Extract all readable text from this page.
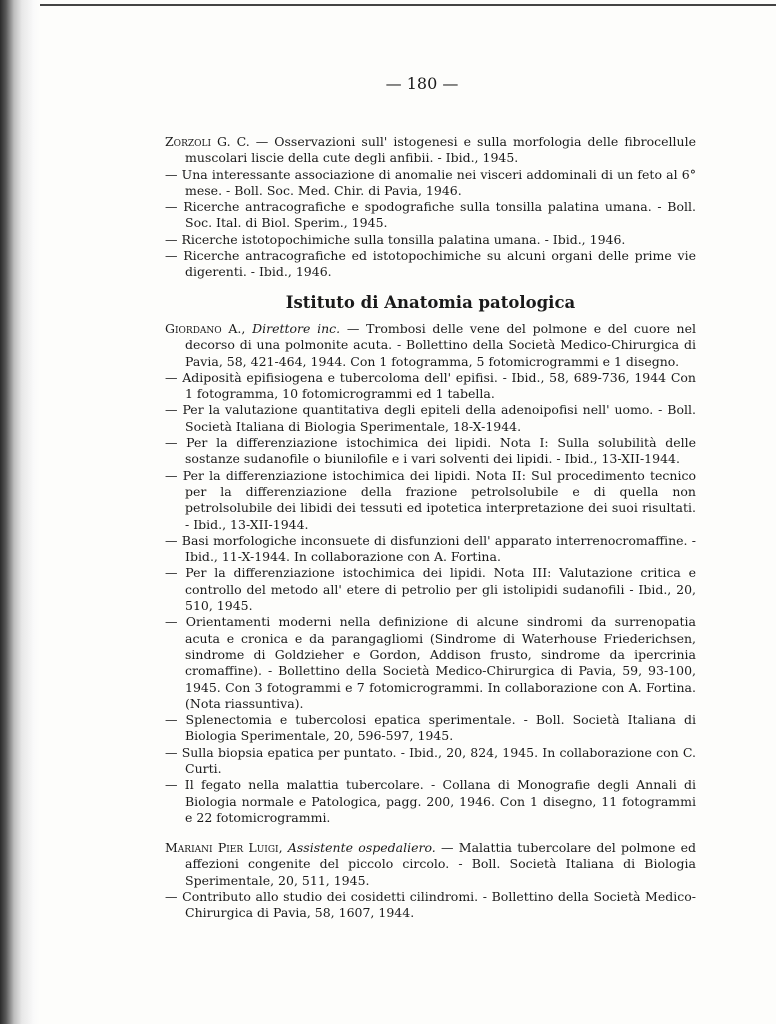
— 180 —

Zorzoli G. C. — Osservazioni sull' istogenesi e sulla morfologia delle fibrocellule muscolari liscie della cute degli anfibii. - Ibid., 1945.

— Una interessante associazione di anomalie nei visceri addominali di un feto al 6° mese. - Boll. Soc. Med. Chir. di Pavia, 1946.

— Ricerche antracografiche e spodografiche sulla tonsilla palatina umana. - Boll. Soc. Ital. di Biol. Sperim., 1945.

— Ricerche istotopochimiche sulla tonsilla palatina umana. - Ibid., 1946.

— Ricerche antracografiche ed istotopochimiche su alcuni organi delle prime vie digerenti. - Ibid., 1946.

Istituto di Anatomia patologica

Giordano A., Direttore inc. — Trombosi delle vene del polmone e del cuore nel decorso di una polmonite acuta. - Bollettino della Società Medico-Chirurgica di Pavia, 58, 421-464, 1944. Con 1 fotogramma, 5 fotomicrogrammi e 1 disegno.

— Adiposità epifisiogena e tubercoloma dell' epifisi. - Ibid., 58, 689-736, 1944 Con 1 fotogramma, 10 fotomicrogrammi ed 1 tabella.

— Per la valutazione quantitativa degli epiteli della adenoipofisi nell' uomo. - Boll. Società Italiana di Biologia Sperimentale, 18-X-1944.

— Per la differenziazione istochimica dei lipidi. Nota I: Sulla solubilità delle sostanze sudanofile o biunilofile e i vari solventi dei lipidi. - Ibid., 13-XII-1944.

— Per la differenziazione istochimica dei lipidi. Nota II: Sul procedimento tecnico per la differenziazione della frazione petrolsolubile e di quella non petrolsolubile dei libidi dei tessuti ed ipotetica interpretazione dei suoi risultati. - Ibid., 13-XII-1944.

— Basi morfologiche inconsuete di disfunzioni dell' apparato interrenocromaffine. - Ibid., 11-X-1944. In collaborazione con A. Fortina.

— Per la differenziazione istochimica dei lipidi. Nota III: Valutazione critica e controllo del metodo all' etere di petrolio per gli istolipidi sudanofili - Ibid., 20, 510, 1945.

— Orientamenti moderni nella definizione di alcune sindromi da surrenopatia acuta e cronica e da parangagliomi (Sindrome di Waterhouse Friederichsen, sindrome di Goldzieher e Gordon, Addison frusto, sindrome da ipercrinia cromaffine). - Bollettino della Società Medico-Chirurgica di Pavia, 59, 93-100, 1945. Con 3 fotogrammi e 7 fotomicrogrammi. In collaborazione con A. Fortina. (Nota riassuntiva).

— Splenectomia e tubercolosi epatica sperimentale. - Boll. Società Italiana di Biologia Sperimentale, 20, 596-597, 1945.

— Sulla biopsia epatica per puntato. - Ibid., 20, 824, 1945. In collaborazione con C. Curti.

— Il fegato nella malattia tubercolare. - Collana di Monografie degli Annali di Biologia normale e Patologica, pagg. 200, 1946. Con 1 disegno, 11 fotogrammi e 22 fotomicrogrammi.

Mariani Pier Luigi, Assistente ospedaliero. — Malattia tubercolare del polmone ed affezioni congenite del piccolo circolo. - Boll. Società Italiana di Biologia Sperimentale, 20, 511, 1945.

— Contributo allo studio dei cosidetti cilindromi. - Bollettino della Società Medico-Chirurgica di Pavia, 58, 1607, 1944.
